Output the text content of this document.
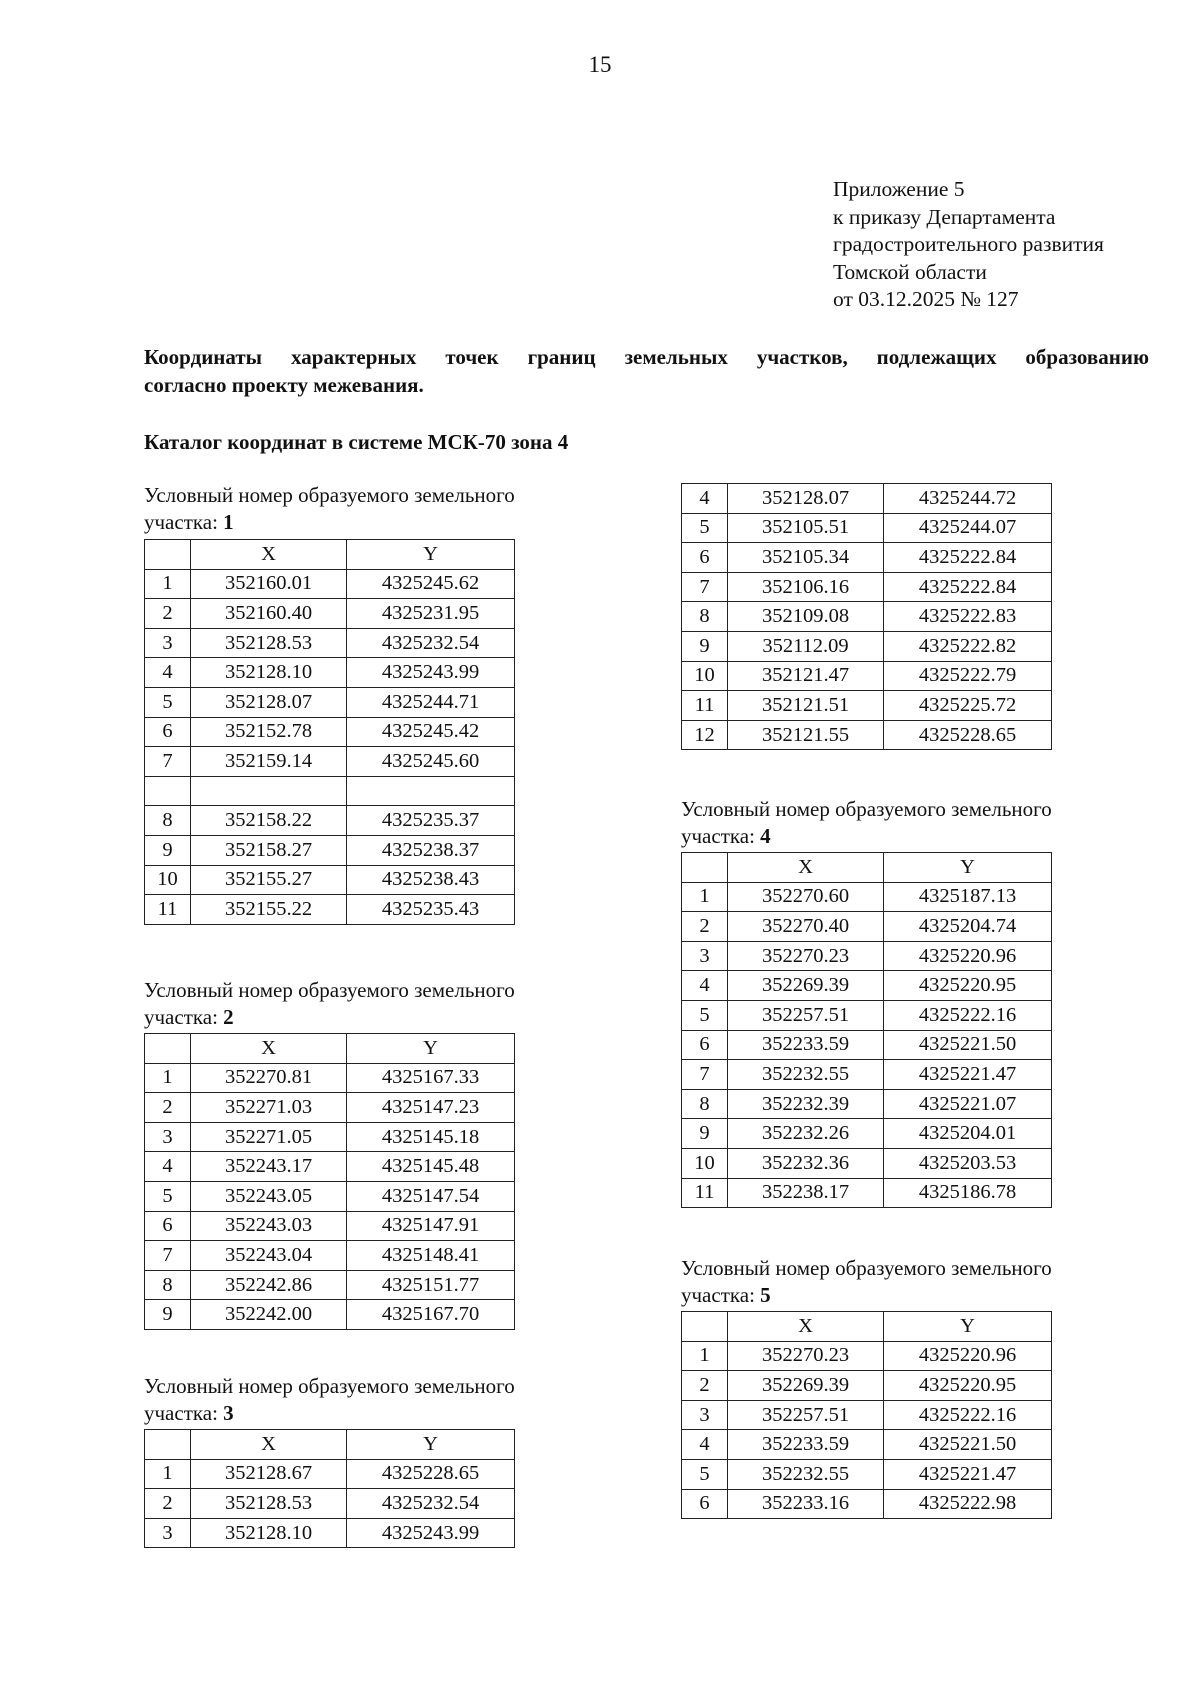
15
Приложение 5
к приказу Департамента
градостроительного развития
Томской области
от 03.12.2025 № 127
Координаты характерных точек границ земельных участков, подлежащих образованию
согласно проекту межевания.
Каталог координат в системе МСК-70 зона 4
Условный номер образуемого земельного
участка: 1
	X	Y
1	352160.01	4325245.62
2	352160.40	4325231.95
3	352128.53	4325232.54
4	352128.10	4325243.99
5	352128.07	4325244.71
6	352152.78	4325245.42
7	352159.14	4325245.60

8	352158.22	4325235.37
9	352158.27	4325238.37
10	352155.27	4325238.43
11	352155.22	4325235.43
Условный номер образуемого земельного
участка: 2
	X	Y
1	352270.81	4325167.33
2	352271.03	4325147.23
3	352271.05	4325145.18
4	352243.17	4325145.48
5	352243.05	4325147.54
6	352243.03	4325147.91
7	352243.04	4325148.41
8	352242.86	4325151.77
9	352242.00	4325167.70
Условный номер образуемого земельного
участка: 3
	X	Y
1	352128.67	4325228.65
2	352128.53	4325232.54
3	352128.10	4325243.99
4	352128.07	4325244.72
5	352105.51	4325244.07
6	352105.34	4325222.84
7	352106.16	4325222.84
8	352109.08	4325222.83
9	352112.09	4325222.82
10	352121.47	4325222.79
11	352121.51	4325225.72
12	352121.55	4325228.65
Условный номер образуемого земельного
участка: 4
	X	Y
1	352270.60	4325187.13
2	352270.40	4325204.74
3	352270.23	4325220.96
4	352269.39	4325220.95
5	352257.51	4325222.16
6	352233.59	4325221.50
7	352232.55	4325221.47
8	352232.39	4325221.07
9	352232.26	4325204.01
10	352232.36	4325203.53
11	352238.17	4325186.78
Условный номер образуемого земельного
участка: 5
	X	Y
1	352270.23	4325220.96
2	352269.39	4325220.95
3	352257.51	4325222.16
4	352233.59	4325221.50
5	352232.55	4325221.47
6	352233.16	4325222.98
